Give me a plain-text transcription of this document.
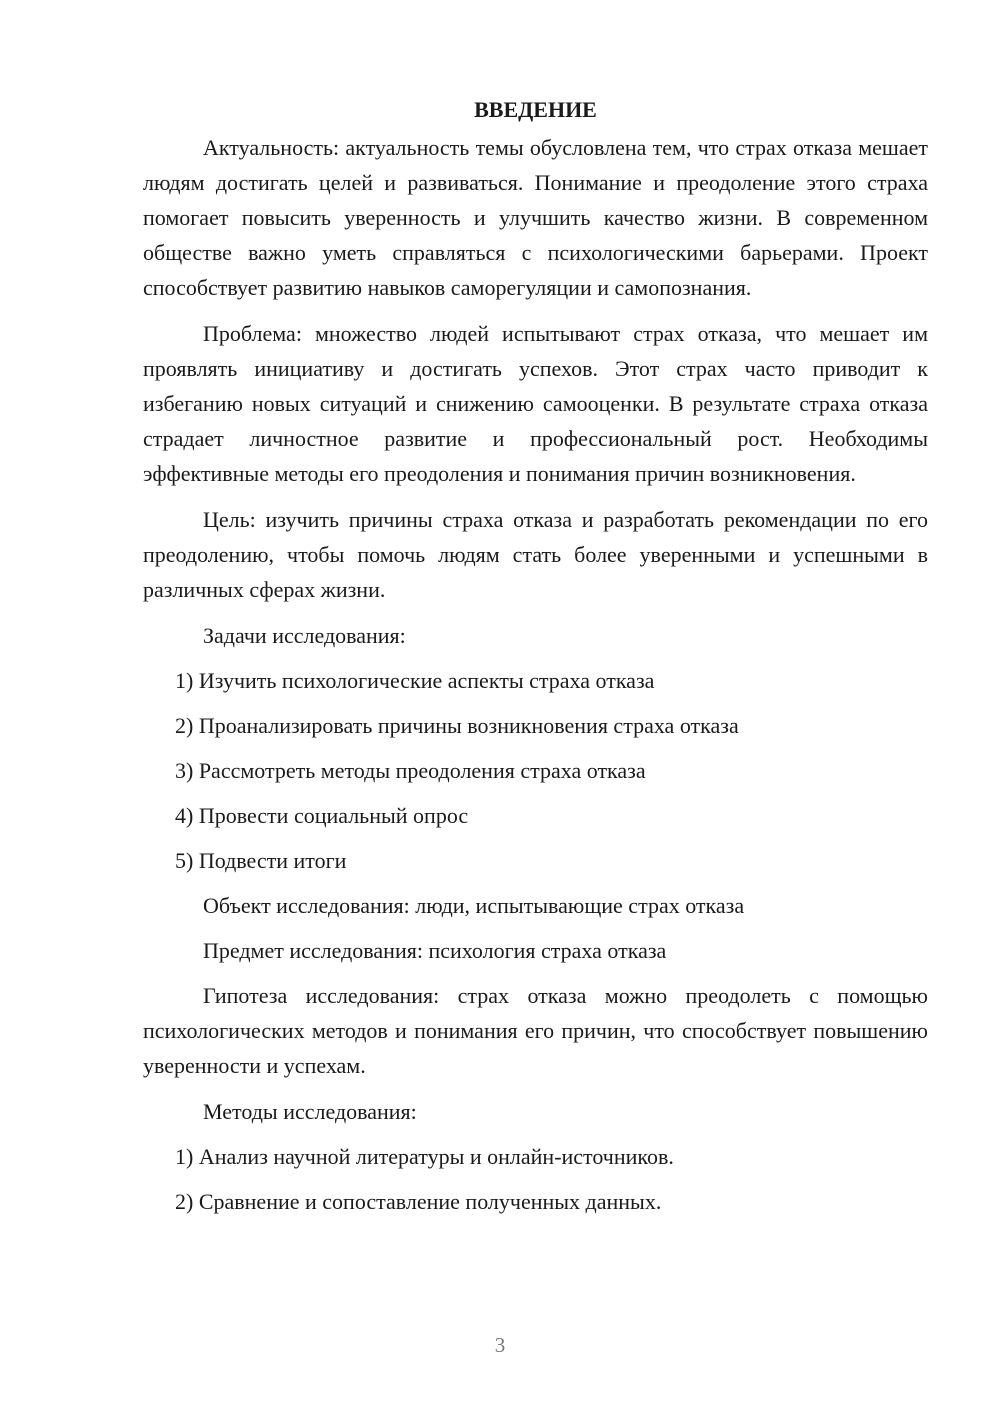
ВВЕДЕНИЕ

Актуальность: актуальность темы обусловлена тем, что страх отказа мешает людям достигать целей и развиваться. Понимание и преодоление этого страха помогает повысить уверенность и улучшить качество жизни. В современном обществе важно уметь справляться с психологическими барьерами. Проект способствует развитию навыков саморегуляции и самопознания.

Проблема: множество людей испытывают страх отказа, что мешает им проявлять инициативу и достигать успехов. Этот страх часто приводит к избеганию новых ситуаций и снижению самооценки. В результате страха отказа страдает личностное развитие и профессиональный рост. Необходимы эффективные методы его преодоления и понимания причин возникновения.

Цель: изучить причины страха отказа и разработать рекомендации по его преодолению, чтобы помочь людям стать более уверенными и успешными в различных сферах жизни.

Задачи исследования:
1) Изучить психологические аспекты страха отказа
2) Проанализировать причины возникновения страха отказа
3) Рассмотреть методы преодоления страха отказа
4) Провести социальный опрос
5) Подвести итоги
Объект исследования: люди, испытывающие страх отказа
Предмет исследования: психология страха отказа

Гипотеза исследования: страх отказа можно преодолеть с помощью психологических методов и понимания его причин, что способствует повышению уверенности и успехам.

Методы исследования:
1) Анализ научной литературы и онлайн-источников.
2) Сравнение и сопоставление полученных данных.
3
